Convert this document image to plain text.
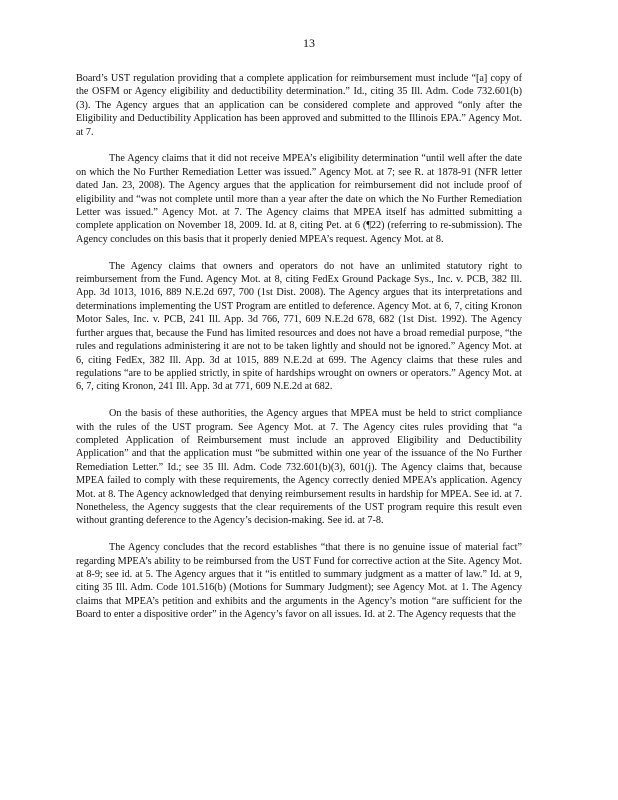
13

Board’s UST regulation providing that a complete application for reimbursement must include “[a] copy of the OSFM or Agency eligibility and deductibility determination.” Id., citing 35 Ill. Adm. Code 732.601(b)(3). The Agency argues that an application can be considered complete and approved “only after the Eligibility and Deductibility Application has been approved and submitted to the Illinois EPA.” Agency Mot. at 7.

The Agency claims that it did not receive MPEA’s eligibility determination “until well after the date on which the No Further Remediation Letter was issued.” Agency Mot. at 7; see R. at 1878-91 (NFR letter dated Jan. 23, 2008). The Agency argues that the application for reimbursement did not include proof of eligibility and “was not complete until more than a year after the date on which the No Further Remediation Letter was issued.” Agency Mot. at 7. The Agency claims that MPEA itself has admitted submitting a complete application on November 18, 2009. Id. at 8, citing Pet. at 6 (¶22) (referring to re-submission). The Agency concludes on this basis that it properly denied MPEA’s request. Agency Mot. at 8.

The Agency claims that owners and operators do not have an unlimited statutory right to reimbursement from the Fund. Agency Mot. at 8, citing FedEx Ground Package Sys., Inc. v. PCB, 382 Ill. App. 3d 1013, 1016, 889 N.E.2d 697, 700 (1st Dist. 2008). The Agency argues that its interpretations and determinations implementing the UST Program are entitled to deference. Agency Mot. at 6, 7, citing Kronon Motor Sales, Inc. v. PCB, 241 Ill. App. 3d 766, 771, 609 N.E.2d 678, 682 (1st Dist. 1992). The Agency further argues that, because the Fund has limited resources and does not have a broad remedial purpose, “the rules and regulations administering it are not to be taken lightly and should not be ignored.” Agency Mot. at 6, citing FedEx, 382 Ill. App. 3d at 1015, 889 N.E.2d at 699. The Agency claims that these rules and regulations “are to be applied strictly, in spite of hardships wrought on owners or operators.” Agency Mot. at 6, 7, citing Kronon, 241 Ill. App. 3d at 771, 609 N.E.2d at 682.

On the basis of these authorities, the Agency argues that MPEA must be held to strict compliance with the rules of the UST program. See Agency Mot. at 7. The Agency cites rules providing that “a completed Application of Reimbursement must include an approved Eligibility and Deductibility Application” and that the application must “be submitted within one year of the issuance of the No Further Remediation Letter.” Id.; see 35 Ill. Adm. Code 732.601(b)(3), 601(j). The Agency claims that, because MPEA failed to comply with these requirements, the Agency correctly denied MPEA’s application. Agency Mot. at 8. The Agency acknowledged that denying reimbursement results in hardship for MPEA. See id. at 7. Nonetheless, the Agency suggests that the clear requirements of the UST program require this result even without granting deference to the Agency’s decision-making. See id. at 7-8.

The Agency concludes that the record establishes “that there is no genuine issue of material fact” regarding MPEA’s ability to be reimbursed from the UST Fund for corrective action at the Site. Agency Mot. at 8-9; see id. at 5. The Agency argues that it “is entitled to summary judgment as a matter of law.” Id. at 9, citing 35 Ill. Adm. Code 101.516(b) (Motions for Summary Judgment); see Agency Mot. at 1. The Agency claims that MPEA’s petition and exhibits and the arguments in the Agency’s motion “are sufficient for the Board to enter a dispositive order” in the Agency’s favor on all issues. Id. at 2. The Agency requests that the
